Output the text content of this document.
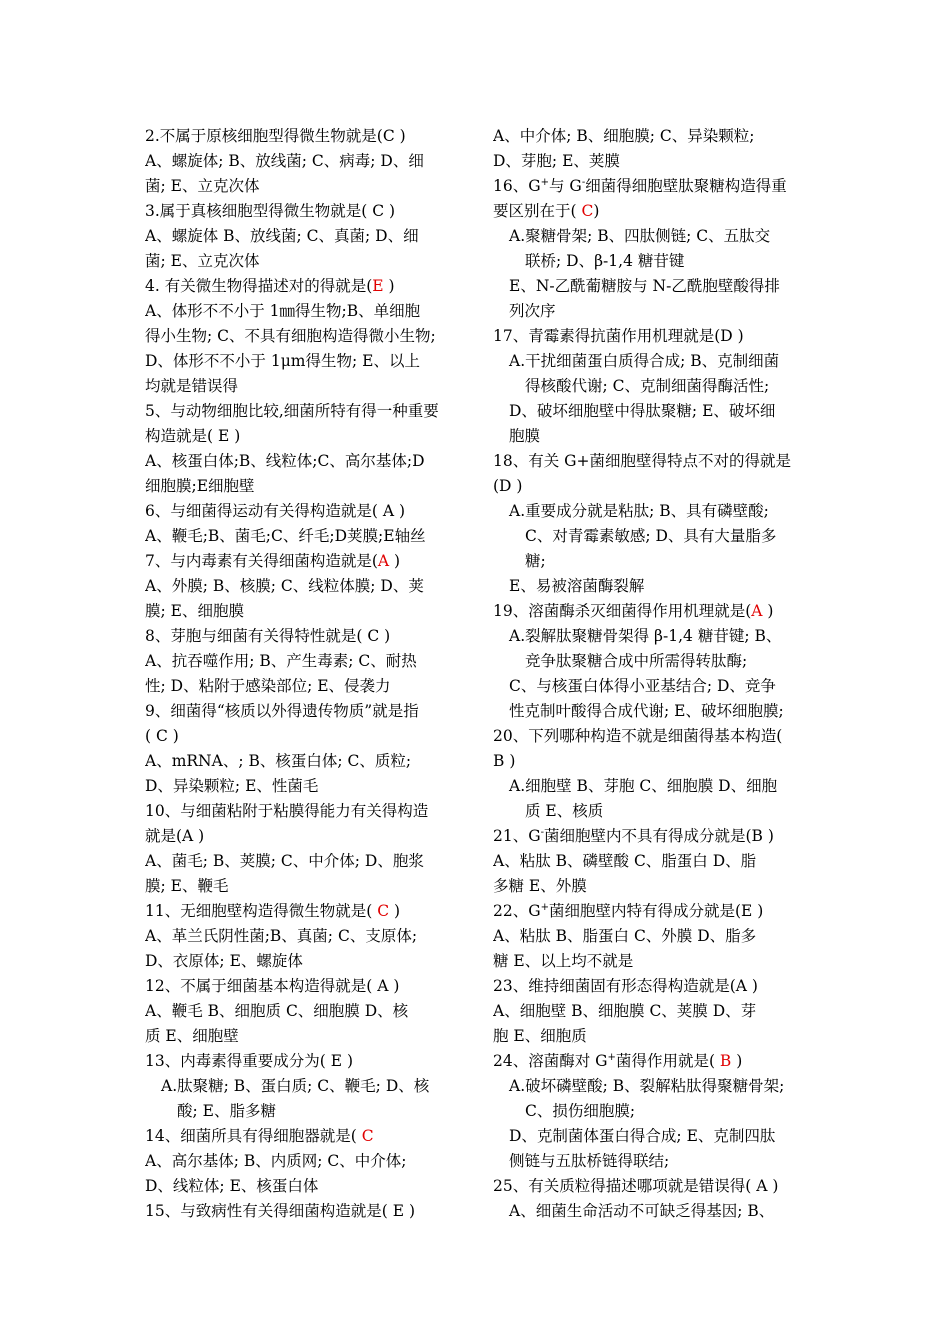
2.不属于原核细胞型得微生物就是(C )
A、螺旋体; B、放线菌; C、病毒; D、细
菌; E、立克次体
3.属于真核细胞型得微生物就是( C )
A、螺旋体 B、放线菌; C、真菌; D、细
菌; E、立克次体
4. 有关微生物得描述对的得就是(E )
A、体形不不小于 1㎜得生物;B、单细胞
得小生物; C、不具有细胞构造得微小生物;
D、体形不不小于 1μm得生物; E、以上
均就是错误得
5、与动物细胞比较,细菌所特有得一种重要
构造就是( E )
A、核蛋白体;B、线粒体;C、高尔基体;D
细胞膜;E细胞壁
6、与细菌得运动有关得构造就是( A )
A、鞭毛;B、菌毛;C、纤毛;D荚膜;E轴丝
7、与内毒素有关得细菌构造就是(A )
A、外膜; B、核膜; C、线粒体膜; D、荚
膜; E、细胞膜
8、芽胞与细菌有关得特性就是( C )
A、抗吞噬作用; B、产生毒素; C、耐热
性; D、粘附于感染部位; E、侵袭力
9、细菌得“核质以外得遗传物质”就是指
( C )
A、mRNA、; B、核蛋白体; C、质粒;
D、异染颗粒; E、性菌毛
10、与细菌粘附于粘膜得能力有关得构造
就是(A )
A、菌毛; B、荚膜; C、中介体; D、胞浆
膜; E、鞭毛
11、无细胞壁构造得微生物就是( C )
A、革兰氏阴性菌;B、真菌; C、支原体;
D、衣原体; E、螺旋体
12、不属于细菌基本构造得就是( A )
A、鞭毛 B、细胞质 C、细胞膜 D、核
质 E、细胞壁
13、内毒素得重要成分为( E )
A.肽聚糖; B、蛋白质; C、鞭毛; D、核
酸; E、脂多糖
14、细菌所具有得细胞器就是( C
A、高尔基体; B、内质网; C、中介体;
D、线粒体; E、核蛋白体
15、与致病性有关得细菌构造就是( E )
A、中介体; B、细胞膜; C、异染颗粒;
D、芽胞; E、荚膜
16、G+与 G-细菌得细胞壁肽聚糖构造得重
要区别在于( C)
A.聚糖骨架; B、四肽侧链; C、五肽交
联桥; D、β-1,4 糖苷键
E、N-乙酰葡糖胺与 N-乙酰胞壁酸得排
列次序
17、青霉素得抗菌作用机理就是(D )
A.干扰细菌蛋白质得合成; B、克制细菌
得核酸代谢; C、克制细菌得酶活性;
D、破坏细胞壁中得肽聚糖; E、破坏细
胞膜
18、有关 G+菌细胞壁得特点不对的得就是
(D )
A.重要成分就是粘肽; B、具有磷壁酸;
C、对青霉素敏感; D、具有大量脂多
糖;
E、易被溶菌酶裂解
19、溶菌酶杀灭细菌得作用机理就是(A )
A.裂解肽聚糖骨架得 β-1,4 糖苷键; B、
竞争肽聚糖合成中所需得转肽酶;
C、与核蛋白体得小亚基结合; D、竞争
性克制叶酸得合成代谢; E、破坏细胞膜;
20、下列哪种构造不就是细菌得基本构造(
B )
A.细胞壁 B、芽胞 C、细胞膜 D、细胞
质 E、核质
21、G-菌细胞壁内不具有得成分就是(B )
A、粘肽 B、磷壁酸 C、脂蛋白 D、脂
多糖 E、外膜
22、G+菌细胞壁内特有得成分就是(E )
A、粘肽 B、脂蛋白 C、外膜 D、脂多
糖 E、以上均不就是
23、维持细菌固有形态得构造就是(A )
A、细胞壁 B、细胞膜 C、荚膜 D、芽
胞 E、细胞质
24、溶菌酶对 G+菌得作用就是( B )
A.破坏磷壁酸; B、裂解粘肽得聚糖骨架;
C、损伤细胞膜;
D、克制菌体蛋白得合成; E、克制四肽
侧链与五肽桥链得联结;
25、有关质粒得描述哪项就是错误得( A )
A、细菌生命活动不可缺乏得基因; B、
